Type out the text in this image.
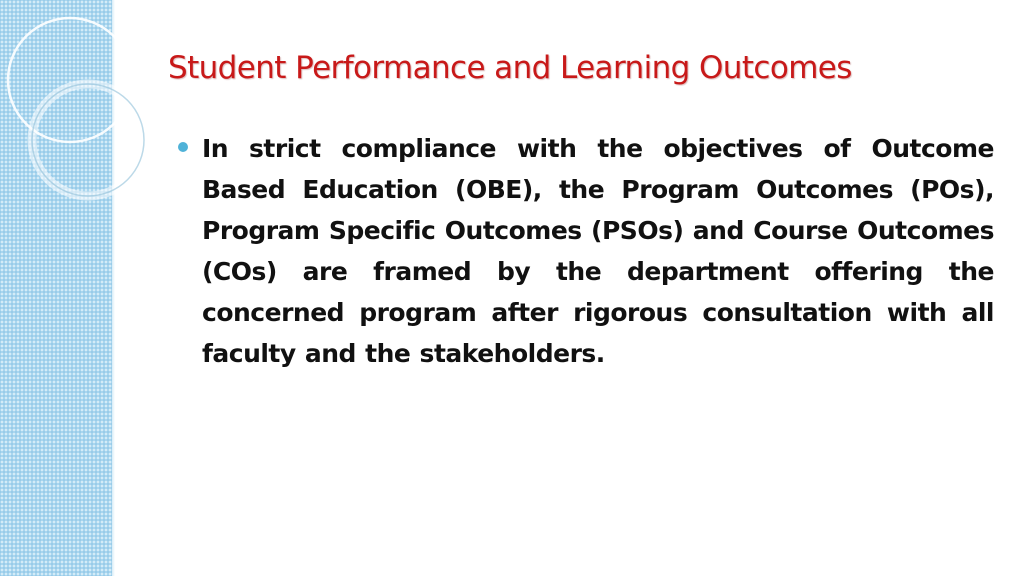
Student Performance and Learning Outcomes

In strict compliance with the objectives of Outcome Based Education (OBE), the Program Outcomes (POs), Program Specific Outcomes (PSOs) and Course Outcomes (COs) are framed by the department offering the concerned program after rigorous consultation with all faculty and the stakeholders.
